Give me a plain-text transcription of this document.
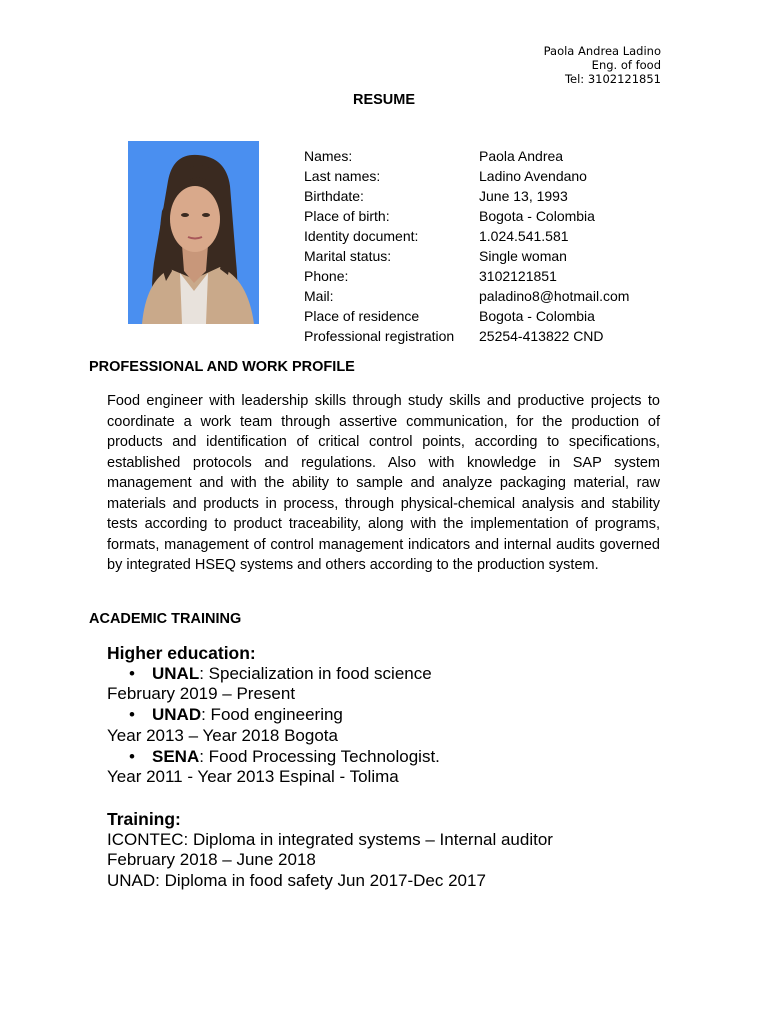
Paola Andrea Ladino
Eng. of food
Tel: 3102121851
RESUME
Names:	Paola Andrea
Last names:	Ladino Avendano
Birthdate:	June 13, 1993
Place of birth:	Bogota - Colombia
Identity document:	1.024.541.581
Marital status:	Single woman
Phone:	3102121851
Mail:	paladino8@hotmail.com
Place of residence	Bogota - Colombia
Professional registration	25254-413822 CND
PROFESSIONAL AND WORK PROFILE
Food engineer with leadership skills through study skills and productive projects to coordinate a work team through assertive communication, for the production of products and identification of critical control points, according to specifications, established protocols and regulations. Also with knowledge in SAP system management and with the ability to sample and analyze packaging material, raw materials and products in process, through physical-chemical analysis and stability tests according to product traceability, along with the implementation of programs, formats, management of control management indicators and internal audits governed by integrated HSEQ systems and others according to the production system.
ACADEMIC TRAINING
Higher education:
• UNAL: Specialization in food science
February 2019 – Present
• UNAD: Food engineering
Year 2013 – Year 2018 Bogota
• SENA: Food Processing Technologist.
Year 2011 - Year 2013 Espinal - Tolima
Training:
ICONTEC: Diploma in integrated systems – Internal auditor
February 2018 – June 2018
UNAD: Diploma in food safety Jun 2017-Dec 2017
